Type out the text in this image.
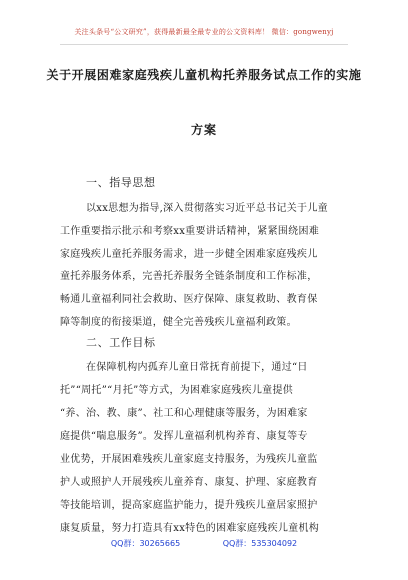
关注头条号“公文研究”，获得最新最全最专业的公文资料库！ 微信：gongwenyj
关于开展困难家庭残疾儿童机构托养服务试点工作的实施
方案
一、指导思想
以xx思想为指导,深入贯彻落实习近平总书记关于儿童
工作重要指示批示和考察xx重要讲话精神，紧紧围绕困难
家庭残疾儿童托养服务需求，进一步健全困难家庭残疾儿
童托养服务体系，完善托养服务全链条制度和工作标准，
畅通儿童福利同社会救助、医疗保障、康复救助、教育保
障等制度的衔接渠道，健全完善残疾儿童福利政策。
二、工作目标
在保障机构内孤弃儿童日常抚育前提下，通过“日
托”“周托”“月托”等方式，为困难家庭残疾儿童提供
“养、治、教、康”、社工和心理健康等服务，为困难家
庭提供“喘息服务”。发挥儿童福利机构养育、康复等专
业优势，开展困难残疾儿童家庭支持服务，为残疾儿童监
护人或照护人开展残疾儿童养育、康复、护理、家庭教育
等技能培训，提高家庭监护能力，提升残疾儿童居家照护
康复质量，努力打造具有xx特色的困难家庭残疾儿童机构
QQ群：30265665	QQ群：535304092
